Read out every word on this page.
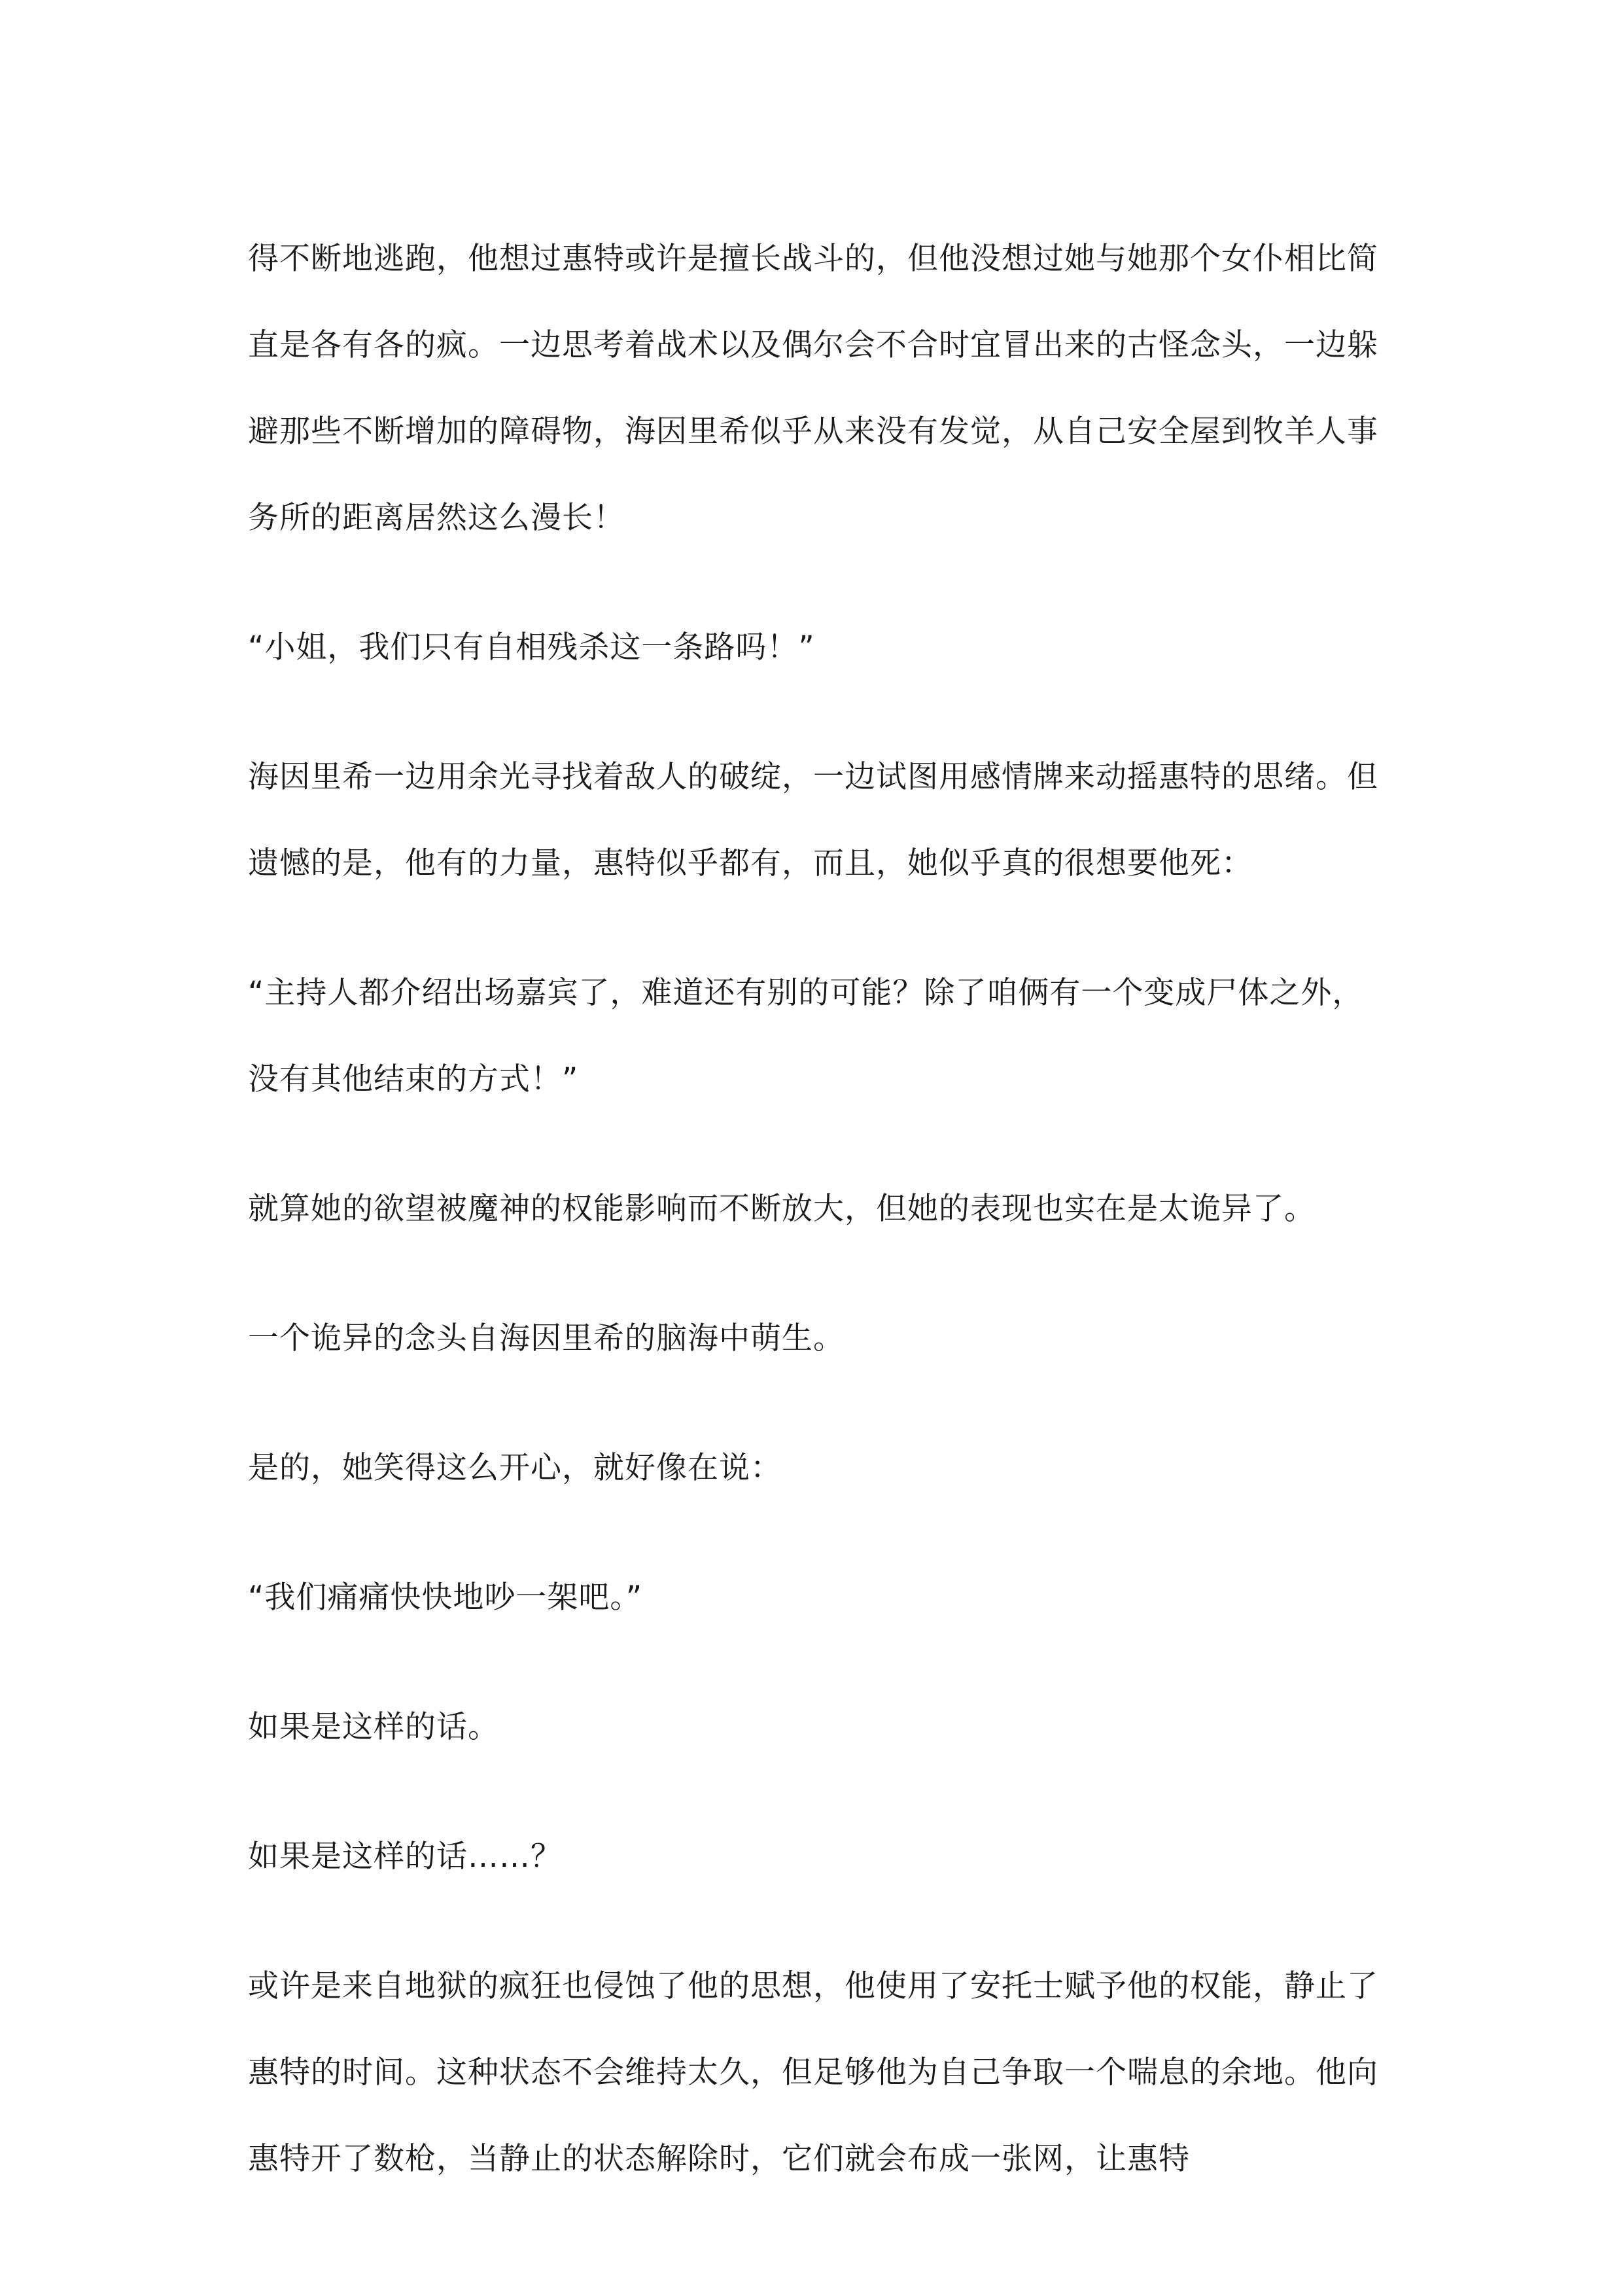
得不断地逃跑，他想过惠特或许是擅长战斗的，但他没想过她与她那个女仆相比简直是各有各的疯。一边思考着战术以及偶尔会不合时宜冒出来的古怪念头，一边躲避那些不断增加的障碍物，海因里希似乎从来没有发觉，从自己安全屋到牧羊人事务所的距离居然这么漫长！

“小姐，我们只有自相残杀这一条路吗！”

海因里希一边用余光寻找着敌人的破绽，一边试图用感情牌来动摇惠特的思绪。但遗憾的是，他有的力量，惠特似乎都有，而且，她似乎真的很想要他死：

“主持人都介绍出场嘉宾了，难道还有别的可能？除了咱俩有一个变成尸体之外，没有其他结束的方式！”

就算她的欲望被魔神的权能影响而不断放大，但她的表现也实在是太诡异了。

一个诡异的念头自海因里希的脑海中萌生。

是的，她笑得这么开心，就好像在说：

“我们痛痛快快地吵一架吧。”

如果是这样的话。

如果是这样的话……？

或许是来自地狱的疯狂也侵蚀了他的思想，他使用了安托士赋予他的权能，静止了惠特的时间。这种状态不会维持太久，但足够他为自己争取一个喘息的余地。他向惠特开了数枪，当静止的状态解除时，它们就会布成一张网，让惠特
